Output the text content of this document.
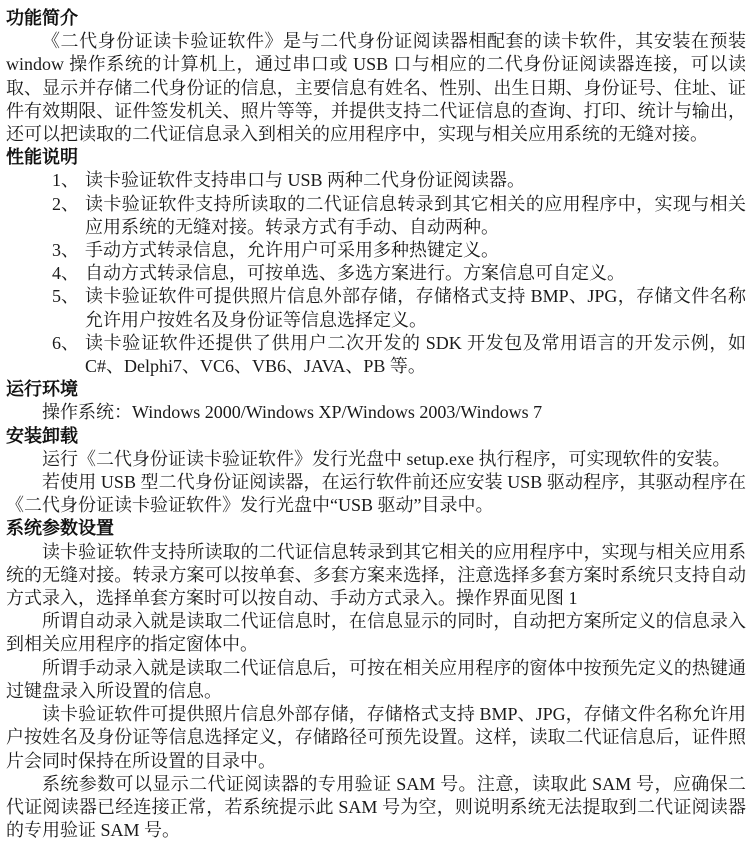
功能简介

《二代身份证读卡验证软件》是与二代身份证阅读器相配套的读卡软件，其安装在预装 window 操作系统的计算机上，通过串口或 USB 口与相应的二代身份证阅读器连接，可以读取、显示并存储二代身份证的信息，主要信息有姓名、性别、出生日期、身份证号、住址、证件有效期限、证件签发机关、照片等等，并提供支持二代证信息的查询、打印、统计与输出，还可以把读取的二代证信息录入到相关的应用程序中，实现与相关应用系统的无缝对接。

性能说明
1、 读卡验证软件支持串口与 USB 两种二代身份证阅读器。
2、 读卡验证软件支持所读取的二代证信息转录到其它相关的应用程序中，实现与相关应用系统的无缝对接。转录方式有手动、自动两种。
3、 手动方式转录信息，允许用户可采用多种热键定义。
4、 自动方式转录信息，可按单选、多选方案进行。方案信息可自定义。
5、 读卡验证软件可提供照片信息外部存储，存储格式支持 BMP、JPG，存储文件名称允许用户按姓名及身份证等信息选择定义。
6、 读卡验证软件还提供了供用户二次开发的 SDK 开发包及常用语言的开发示例，如 C#、Delphi7、VC6、VB6、JAVA、PB 等。
运行环境

操作系统：Windows 2000/Windows XP/Windows 2003/Windows 7

安装卸载

运行《二代身份证读卡验证软件》发行光盘中 setup.exe 执行程序，可实现软件的安装。

若使用 USB 型二代身份证阅读器，在运行软件前还应安装 USB 驱动程序，其驱动程序在《二代身份证读卡验证软件》发行光盘中“USB 驱动”目录中。

系统参数设置

读卡验证软件支持所读取的二代证信息转录到其它相关的应用程序中，实现与相关应用系统的无缝对接。转录方案可以按单套、多套方案来选择，注意选择多套方案时系统只支持自动方式录入，选择单套方案时可以按自动、手动方式录入。操作界面见图 1

所谓自动录入就是读取二代证信息时，在信息显示的同时，自动把方案所定义的信息录入到相关应用程序的指定窗体中。

所谓手动录入就是读取二代证信息后，可按在相关应用程序的窗体中按预先定义的热键通过键盘录入所设置的信息。

读卡验证软件可提供照片信息外部存储，存储格式支持 BMP、JPG，存储文件名称允许用户按姓名及身份证等信息选择定义，存储路径可预先设置。这样，读取二代证信息后，证件照片会同时保持在所设置的目录中。

系统参数可以显示二代证阅读器的专用验证 SAM 号。注意，读取此 SAM 号，应确保二代证阅读器已经连接正常，若系统提示此 SAM 号为空，则说明系统无法提取到二代证阅读器的专用验证 SAM 号。
